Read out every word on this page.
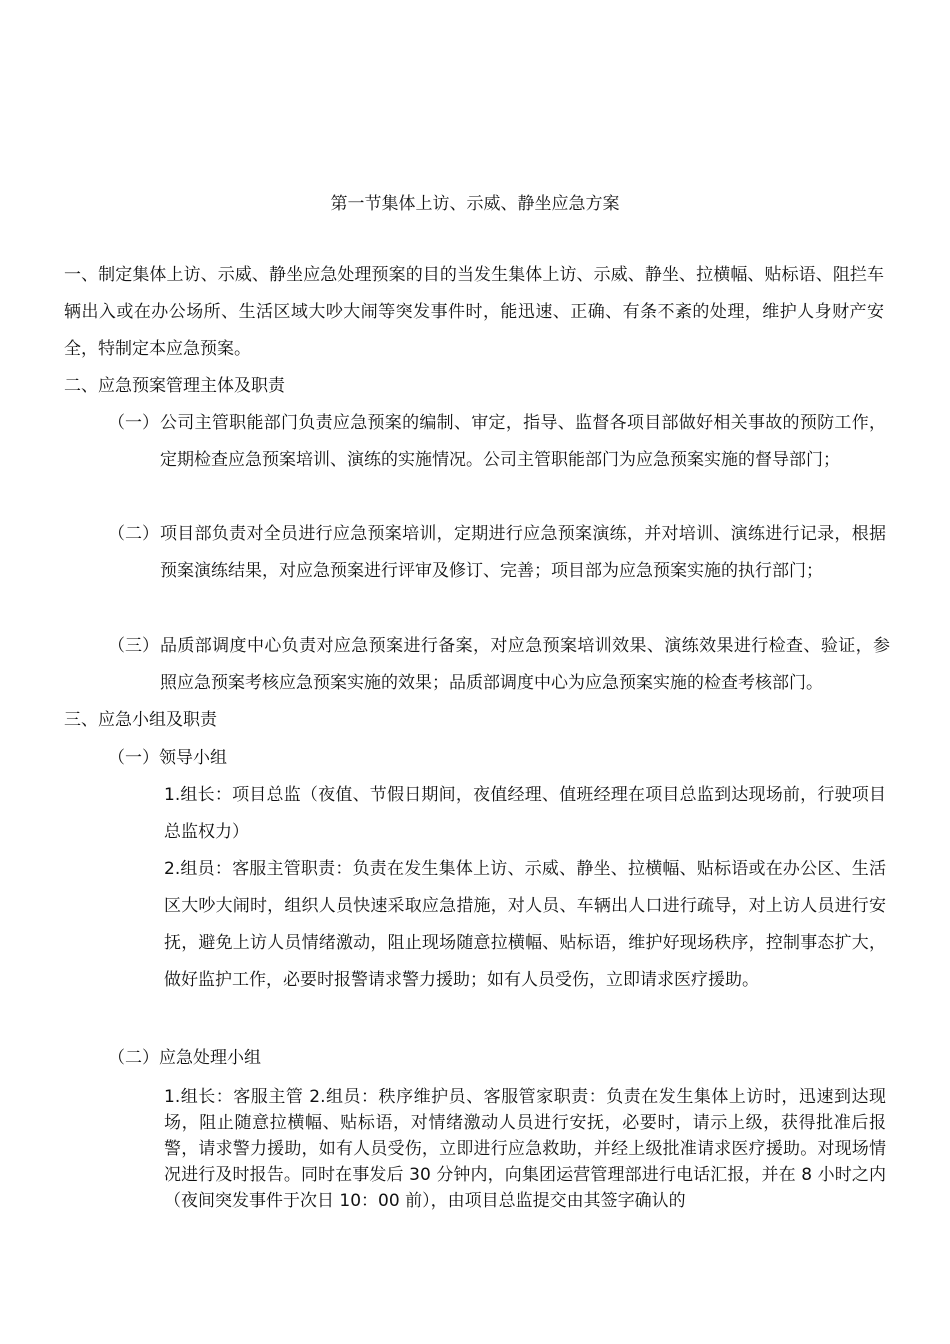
第一节集体上访、示威、静坐应急方案

一、制定集体上访、示威、静坐应急处理预案的目的当发生集体上访、示威、静坐、拉横幅、贴标语、阻拦车辆出入或在办公场所、生活区域大吵大闹等突发事件时，能迅速、正确、有条不紊的处理，维护人身财产安全，特制定本应急预案。

二、应急预案管理主体及职责

（一） 公司主管职能部门负责应急预案的编制、审定，指导、监督各项目部做好相关事故的预防工作，定期检查应急预案培训、演练的实施情况。公司主管职能部门为应急预案实施的督导部门；

（二） 项目部负责对全员进行应急预案培训，定期进行应急预案演练，并对培训、演练进行记录，根据预案演练结果，对应急预案进行评审及修订、完善；项目部为应急预案实施的执行部门；

（三） 品质部调度中心负责对应急预案进行备案，对应急预案培训效果、演练效果进行检查、验证，参照应急预案考核应急预案实施的效果；品质部调度中心为应急预案实施的检查考核部门。

三、应急小组及职责

（一）领导小组

1.组长：项目总监（夜值、节假日期间，夜值经理、值班经理在项目总监到达现场前，行驶项目总监权力）

2.组员：客服主管职责：负责在发生集体上访、示威、静坐、拉横幅、贴标语或在办公区、生活区大吵大闹时，组织人员快速采取应急措施，对人员、车辆出人口进行疏导，对上访人员进行安抚，避免上访人员情绪激动，阻止现场随意拉横幅、贴标语，维护好现场秩序，控制事态扩大，做好监护工作，必要时报警请求警力援助；如有人员受伤，立即请求医疗援助。

（二）应急处理小组

1.组长：客服主管 2.组员：秩序维护员、客服管家职责：负责在发生集体上访时，迅速到达现场，阻止随意拉横幅、贴标语，对情绪激动人员进行安抚，必要时，请示上级，获得批准后报警，请求警力援助，如有人员受伤，立即进行应急救助，并经上级批准请求医疗援助。对现场情况进行及时报告。同时在事发后 30 分钟内，向集团运营管理部进行电话汇报，并在 8 小时之内（夜间突发事件于次日 10：00 前），由项目总监提交由其签字确认的
